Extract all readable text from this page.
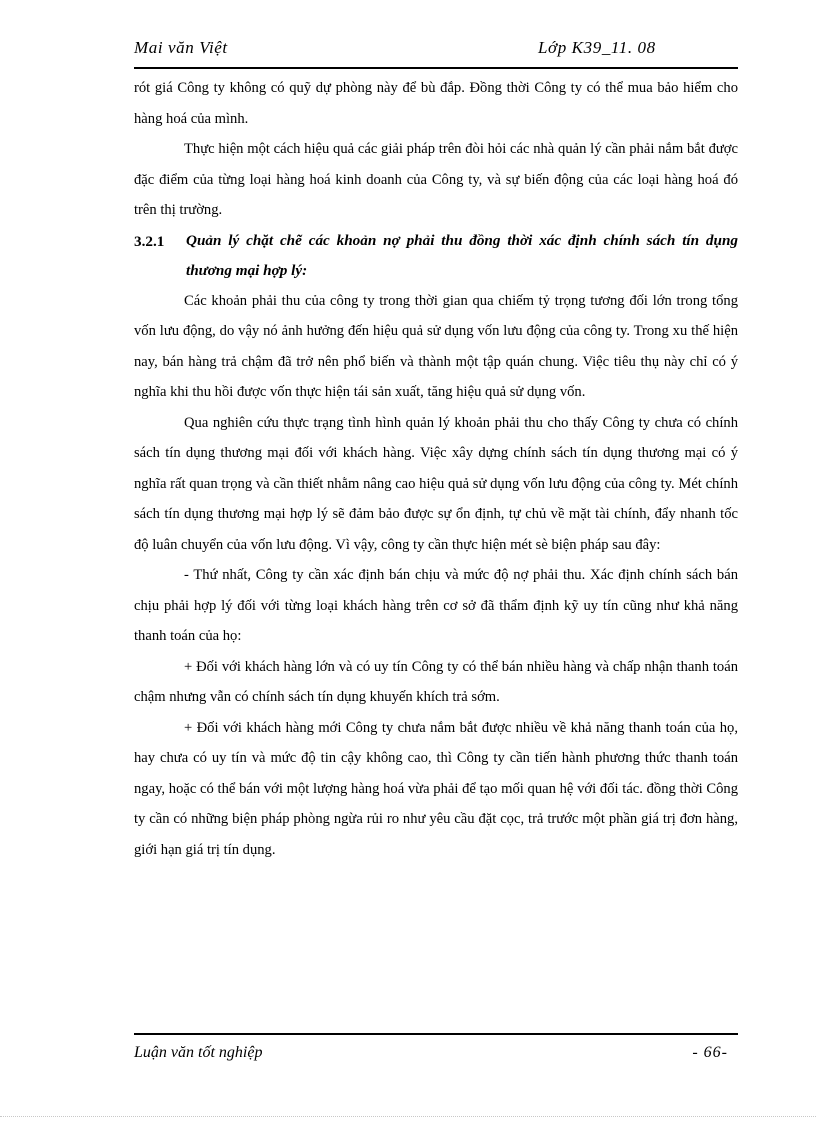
Mai văn Việt	Lớp K39_11. 08

rót giá Công ty không có quỹ dự phòng này để bù đắp. Đồng thời Công ty có thể mua bảo hiểm cho hàng hoá của mình.

Thực hiện một cách hiệu quả các giải pháp trên đòi hỏi các nhà quản lý cần phải nắm bắt được đặc điểm của từng loại hàng hoá kinh doanh của Công ty, và sự biến động của các loại hàng hoá đó trên thị trường.

3.2.1 Quản lý chặt chẽ các khoản nợ phải thu đồng thời xác định chính sách tín dụng thương mại hợp lý:

Các khoản phải thu của công ty trong thời gian qua chiếm tỷ trọng tương đối lớn trong tổng vốn lưu động, do vậy nó ảnh hưởng đến hiệu quả sử dụng vốn lưu động của công ty. Trong xu thế hiện nay, bán hàng trả chậm đã trở nên phổ biến và thành một tập quán chung. Việc tiêu thụ này chỉ có ý nghĩa khi thu hồi được vốn thực hiện tái sản xuất, tăng hiệu quả sử dụng vốn.

Qua nghiên cứu thực trạng tình hình quản lý khoản phải thu cho thấy Công ty chưa có chính sách tín dụng thương mại đối với khách hàng. Việc xây dựng chính sách tín dụng thương mại có ý nghĩa rất quan trọng và cần thiết nhằm nâng cao hiệu quả sử dụng vốn lưu động của công ty. Mét chính sách tín dụng thương mại hợp lý sẽ đảm bảo được sự ổn định, tự chủ về mặt tài chính, đẩy nhanh tốc độ luân chuyển của vốn lưu động. Vì vậy, công ty cần thực hiện mét sè biện pháp sau đây:

- Thứ nhất, Công ty cần xác định bán chịu và mức độ nợ phải thu. Xác định chính sách bán chịu phải hợp lý đối với từng loại khách hàng trên cơ sở đã thẩm định kỹ uy tín cũng như khả năng thanh toán của họ:

+ Đối với khách hàng lớn và có uy tín Công ty có thể bán nhiều hàng và chấp nhận thanh toán chậm nhưng vẫn có chính sách tín dụng khuyến khích trả sớm.

+ Đối với khách hàng mới Công ty chưa nắm bắt được nhiều về khả năng thanh toán của họ, hay chưa có uy tín và mức độ tin cậy không cao, thì Công ty cần tiến hành phương thức thanh toán ngay, hoặc có thể bán với một lượng hàng hoá vừa phải để tạo mối quan hệ với đối tác. đồng thời Công ty cần có những biện pháp phòng ngừa rủi ro như yêu cầu đặt cọc, trả trước một phần giá trị đơn hàng, giới hạn giá trị tín dụng.

Luận văn tốt nghiệp	- 66-
